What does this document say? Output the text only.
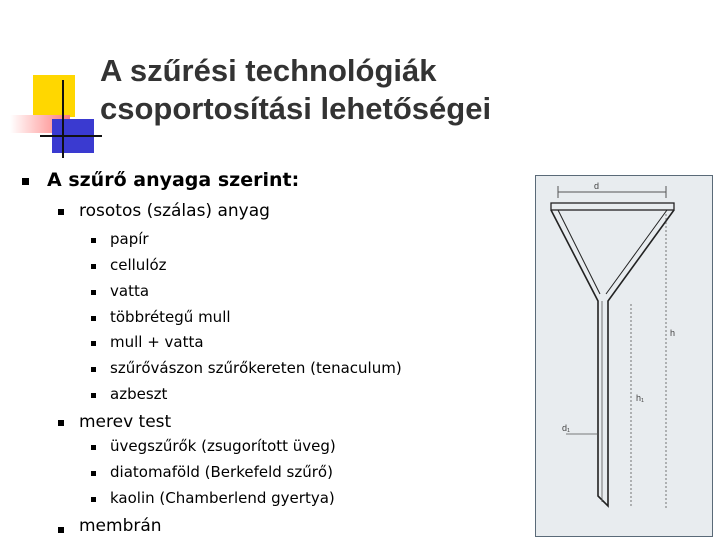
A szűrési technológiák
csoportosítási lehetőségei
A szűrő anyaga szerint:
rosotos (szálas) anyag
papír
cellulóz
vatta
többrétegű mull
mull + vatta
szűrővászon szűrőkereten (tenaculum)
azbeszt
merev test
üvegszűrők (zsugorított üveg)
diatomaföld (Berkefeld szűrő)
kaolin (Chamberlend gyertya)
membrán
d
h
h₁
d₁
